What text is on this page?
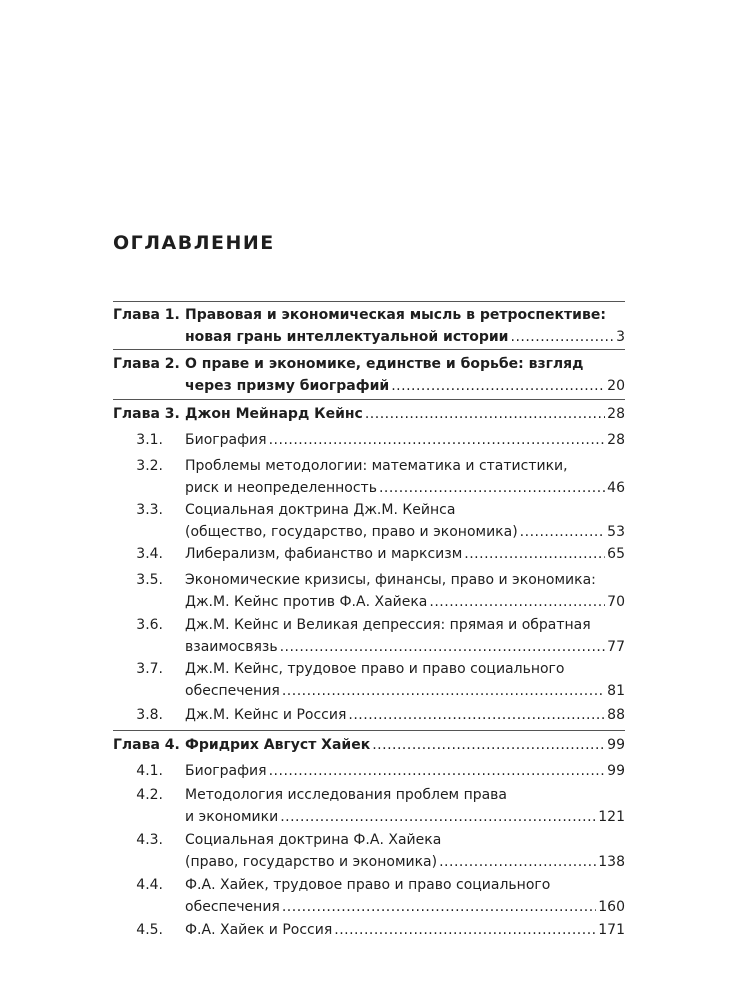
ОГЛАВЛЕНИЕ
Глава 1. Правовая и экономическая мысль в ретроспективе:
новая грань интеллектуальной истории .....	3
Глава 2. О праве и экономике, единстве и борьбе: взгляд
через призму биографий .....	20
Глава 3. Джон Мейнард Кейнс .....	28
3.1. Биография .....	28
3.2. Проблемы методологии: математика и статистики,
риск и неопределенность .....	46
3.3. Социальная доктрина Дж.М. Кейнса
(общество, государство, право и экономика) .....	53
3.4. Либерализм, фабианство и марксизм .....	65
3.5. Экономические кризисы, финансы, право и экономика:
Дж.М. Кейнс против Ф.А. Хайека .....	70
3.6. Дж.М. Кейнс и Великая депрессия: прямая и обратная
взаимосвязь .....	77
3.7. Дж.М. Кейнс, трудовое право и право социального
обеспечения .....	81
3.8. Дж.М. Кейнс и Россия .....	88
Глава 4. Фридрих Август Хайек .....	99
4.1. Биография .....	99
4.2. Методология исследования проблем права
и экономики .....	121
4.3. Социальная доктрина Ф.А. Хайека
(право, государство и экономика) .....	138
4.4. Ф.А. Хайек, трудовое право и право социального
обеспечения .....	160
4.5. Ф.А. Хайек и Россия .....	171
